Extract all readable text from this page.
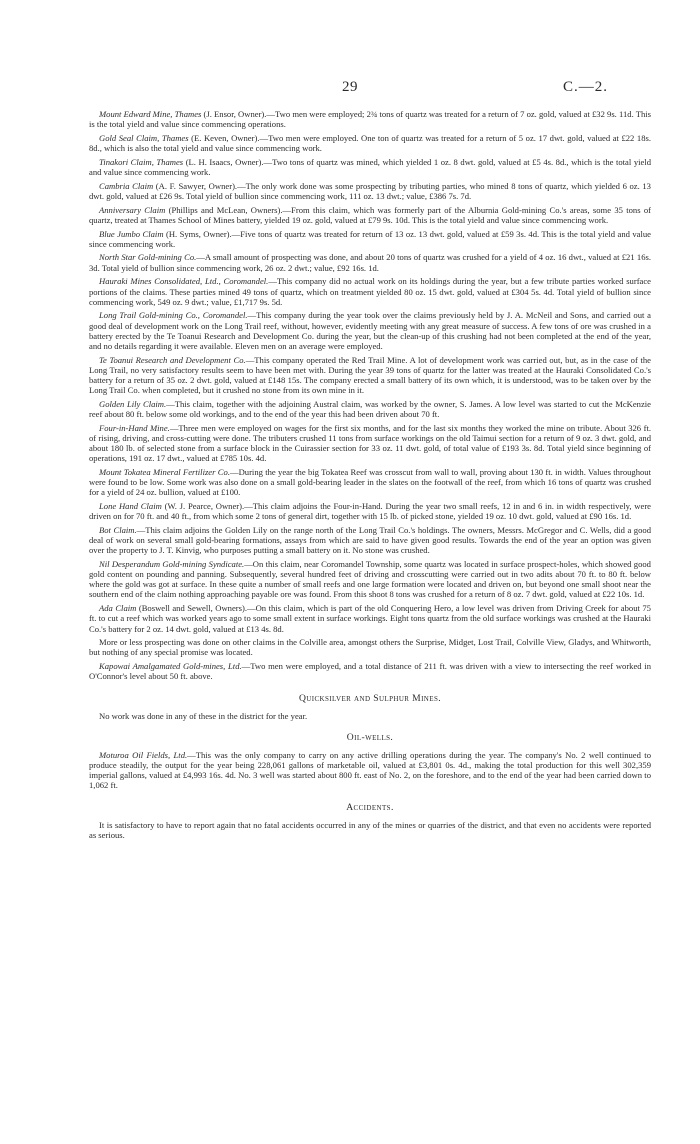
29	C.—2.

Mount Edward Mine, Thames (J. Ensor, Owner).—Two men were employed; 2¾ tons of quartz was treated for a return of 7 oz. gold, valued at £32 9s. 11d. This is the total yield and value since commencing operations.

Gold Seal Claim, Thames (E. Keven, Owner).—Two men were employed. One ton of quartz was treated for a return of 5 oz. 17 dwt. gold, valued at £22 18s. 8d., which is also the total yield and value since commencing work.

Tinakori Claim, Thames (L. H. Isaacs, Owner).—Two tons of quartz was mined, which yielded 1 oz. 8 dwt. gold, valued at £5 4s. 8d., which is the total yield and value since commencing work.

Cambria Claim (A. F. Sawyer, Owner).—The only work done was some prospecting by tributing parties, who mined 8 tons of quartz, which yielded 6 oz. 13 dwt. gold, valued at £26 9s. Total yield of bullion since commencing work, 111 oz. 13 dwt.; value, £386 7s. 7d.

Anniversary Claim (Phillips and McLean, Owners).—From this claim, which was formerly part of the Alburnia Gold-mining Co.'s areas, some 35 tons of quartz, treated at Thames School of Mines battery, yielded 19 oz. gold, valued at £79 9s. 10d. This is the total yield and value since commencing work.

Blue Jumbo Claim (H. Syms, Owner).—Five tons of quartz was treated for return of 13 oz. 13 dwt. gold, valued at £59 3s. 4d. This is the total yield and value since commencing work.

North Star Gold-mining Co.—A small amount of prospecting was done, and about 20 tons of quartz was crushed for a yield of 4 oz. 16 dwt., valued at £21 16s. 3d. Total yield of bullion since commencing work, 26 oz. 2 dwt.; value, £92 16s. 1d.

Hauraki Mines Consolidated, Ltd., Coromandel.—This company did no actual work on its holdings during the year, but a few tribute parties worked surface portions of the claims. These parties mined 49 tons of quartz, which on treatment yielded 80 oz. 15 dwt. gold, valued at £304 5s. 4d. Total yield of bullion since commencing work, 549 oz. 9 dwt.; value, £1,717 9s. 5d.

Long Trail Gold-mining Co., Coromandel.—This company during the year took over the claims previously held by J. A. McNeil and Sons, and carried out a good deal of development work on the Long Trail reef, without, however, evidently meeting with any great measure of success. A few tons of ore was crushed in a battery erected by the Te Toanui Research and Development Co. during the year, but the clean-up of this crushing had not been completed at the end of the year, and no details regarding it were available. Eleven men on an average were employed.

Te Toanui Research and Development Co.—This company operated the Red Trail Mine. A lot of development work was carried out, but, as in the case of the Long Trail, no very satisfactory results seem to have been met with. During the year 39 tons of quartz for the latter was treated at the Hauraki Consolidated Co.'s battery for a return of 35 oz. 2 dwt. gold, valued at £148 15s. The company erected a small battery of its own which, it is understood, was to be taken over by the Long Trail Co. when completed, but it crushed no stone from its own mine in it.

Golden Lily Claim.—This claim, together with the adjoining Austral claim, was worked by the owner, S. James. A low level was started to cut the McKenzie reef about 80 ft. below some old workings, and to the end of the year this had been driven about 70 ft.

Four-in-Hand Mine.—Three men were employed on wages for the first six months, and for the last six months they worked the mine on tribute. About 326 ft. of rising, driving, and cross-cutting were done. The tributers crushed 11 tons from surface workings on the old Taimui section for a return of 9 oz. 3 dwt. gold, and about 180 lb. of selected stone from a surface block in the Cuirassier section for 33 oz. 11 dwt. gold, of total value of £193 3s. 8d. Total yield since beginning of operations, 191 oz. 17 dwt., valued at £785 10s. 4d.

Mount Tokatea Mineral Fertilizer Co.—During the year the big Tokatea Reef was crosscut from wall to wall, proving about 130 ft. in width. Values throughout were found to be low. Some work was also done on a small gold-bearing leader in the slates on the footwall of the reef, from which 16 tons of quartz was crushed for a yield of 24 oz. bullion, valued at £100.

Lone Hand Claim (W. J. Pearce, Owner).—This claim adjoins the Four-in-Hand. During the year two small reefs, 12 in and 6 in. in width respectively, were driven on for 70 ft. and 40 ft., from which some 2 tons of general dirt, together with 15 lb. of picked stone, yielded 19 oz. 10 dwt. gold, valued at £90 16s. 1d.

Bot Claim.—This claim adjoins the Golden Lily on the range north of the Long Trail Co.'s holdings. The owners, Messrs. McGregor and C. Wells, did a good deal of work on several small gold-bearing formations, assays from which are said to have given good results. Towards the end of the year an option was given over the property to J. T. Kinvig, who purposes putting a small battery on it. No stone was crushed.

Nil Desperandum Gold-mining Syndicate.—On this claim, near Coromandel Township, some quartz was located in surface prospect-holes, which showed good gold content on pounding and panning. Subsequently, several hundred feet of driving and crosscutting were carried out in two adits about 70 ft. to 80 ft. below where the gold was got at surface. In these quite a number of small reefs and one large formation were located and driven on, but beyond one small shoot near the southern end of the claim nothing approaching payable ore was found. From this shoot 8 tons was crushed for a return of 8 oz. 7 dwt. gold, valued at £22 10s. 1d.

Ada Claim (Boswell and Sewell, Owners).—On this claim, which is part of the old Conquering Hero, a low level was driven from Driving Creek for about 75 ft. to cut a reef which was worked years ago to some small extent in surface workings. Eight tons quartz from the old surface workings was crushed at the Hauraki Co.'s battery for 2 oz. 14 dwt. gold, valued at £13 4s. 8d.

More or less prospecting was done on other claims in the Colville area, amongst others the Surprise, Midget, Lost Trail, Colville View, Gladys, and Whitworth, but nothing of any special promise was located.

Kapowai Amalgamated Gold-mines, Ltd.—Two men were employed, and a total distance of 211 ft. was driven with a view to intersecting the reef worked in O'Connor's level about 50 ft. above.

Quicksilver and Sulphur Mines.

No work was done in any of these in the district for the year.

Oil-wells.

Moturoa Oil Fields, Ltd.—This was the only company to carry on any active drilling operations during the year. The company's No. 2 well continued to produce steadily, the output for the year being 228,061 gallons of marketable oil, valued at £3,801 0s. 4d., making the total production for this well 302,359 imperial gallons, valued at £4,993 16s. 4d. No. 3 well was started about 800 ft. east of No. 2, on the foreshore, and to the end of the year had been carried down to 1,062 ft.

Accidents.

It is satisfactory to have to report again that no fatal accidents occurred in any of the mines or quarries of the district, and that even no accidents were reported as serious.
